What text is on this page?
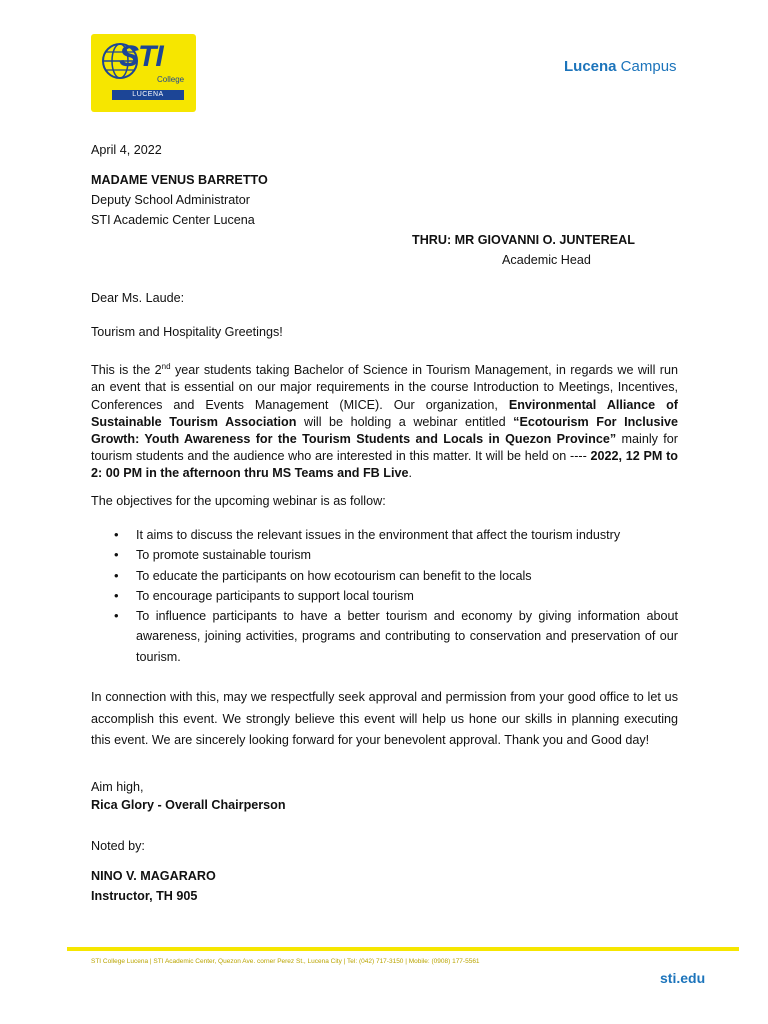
STI
College
LUCENA
Lucena Campus
April 4, 2022
MADAME VENUS BARRETTO
Deputy School Administrator
STI Academic Center Lucena
THRU: MR GIOVANNI O. JUNTEREAL
Academic Head
Dear Ms. Laude:
Tourism and Hospitality Greetings!

This is the 2nd year students taking Bachelor of Science in Tourism Management, in regards we will run an event that is essential on our major requirements in the course Introduction to Meetings, Incentives, Conferences and Events Management (MICE). Our organization, Environmental Alliance of Sustainable Tourism Association will be holding a webinar entitled “Ecotourism For Inclusive Growth: Youth Awareness for the Tourism Students and Locals in Quezon Province” mainly for tourism students and the audience who are interested in this matter. It will be held on ---- 2022, 12 PM to 2: 00 PM in the afternoon thru MS Teams and FB Live.

The objectives for the upcoming webinar is as follow:
• It aims to discuss the relevant issues in the environment that affect the tourism industry
• To promote sustainable tourism
• To educate the participants on how ecotourism can benefit to the locals
• To encourage participants to support local tourism
• To influence participants to have a better tourism and economy by giving information about awareness, joining activities, programs and contributing to conservation and preservation of our tourism.

In connection with this, may we respectfully seek approval and permission from your good office to let us accomplish this event. We strongly believe this event will help us hone our skills in planning executing this event. We are sincerely looking forward for your benevolent approval. Thank you and Good day!

Aim high,
Rica Glory - Overall Chairperson
Noted by:
NINO V. MAGARARO
Instructor, TH 905
STI College Lucena | STI Academic Center, Quezon Ave. corner Perez St., Lucena City | Tel: (042) 717-3150 | Mobile: (0908) 177-5561
sti.edu
